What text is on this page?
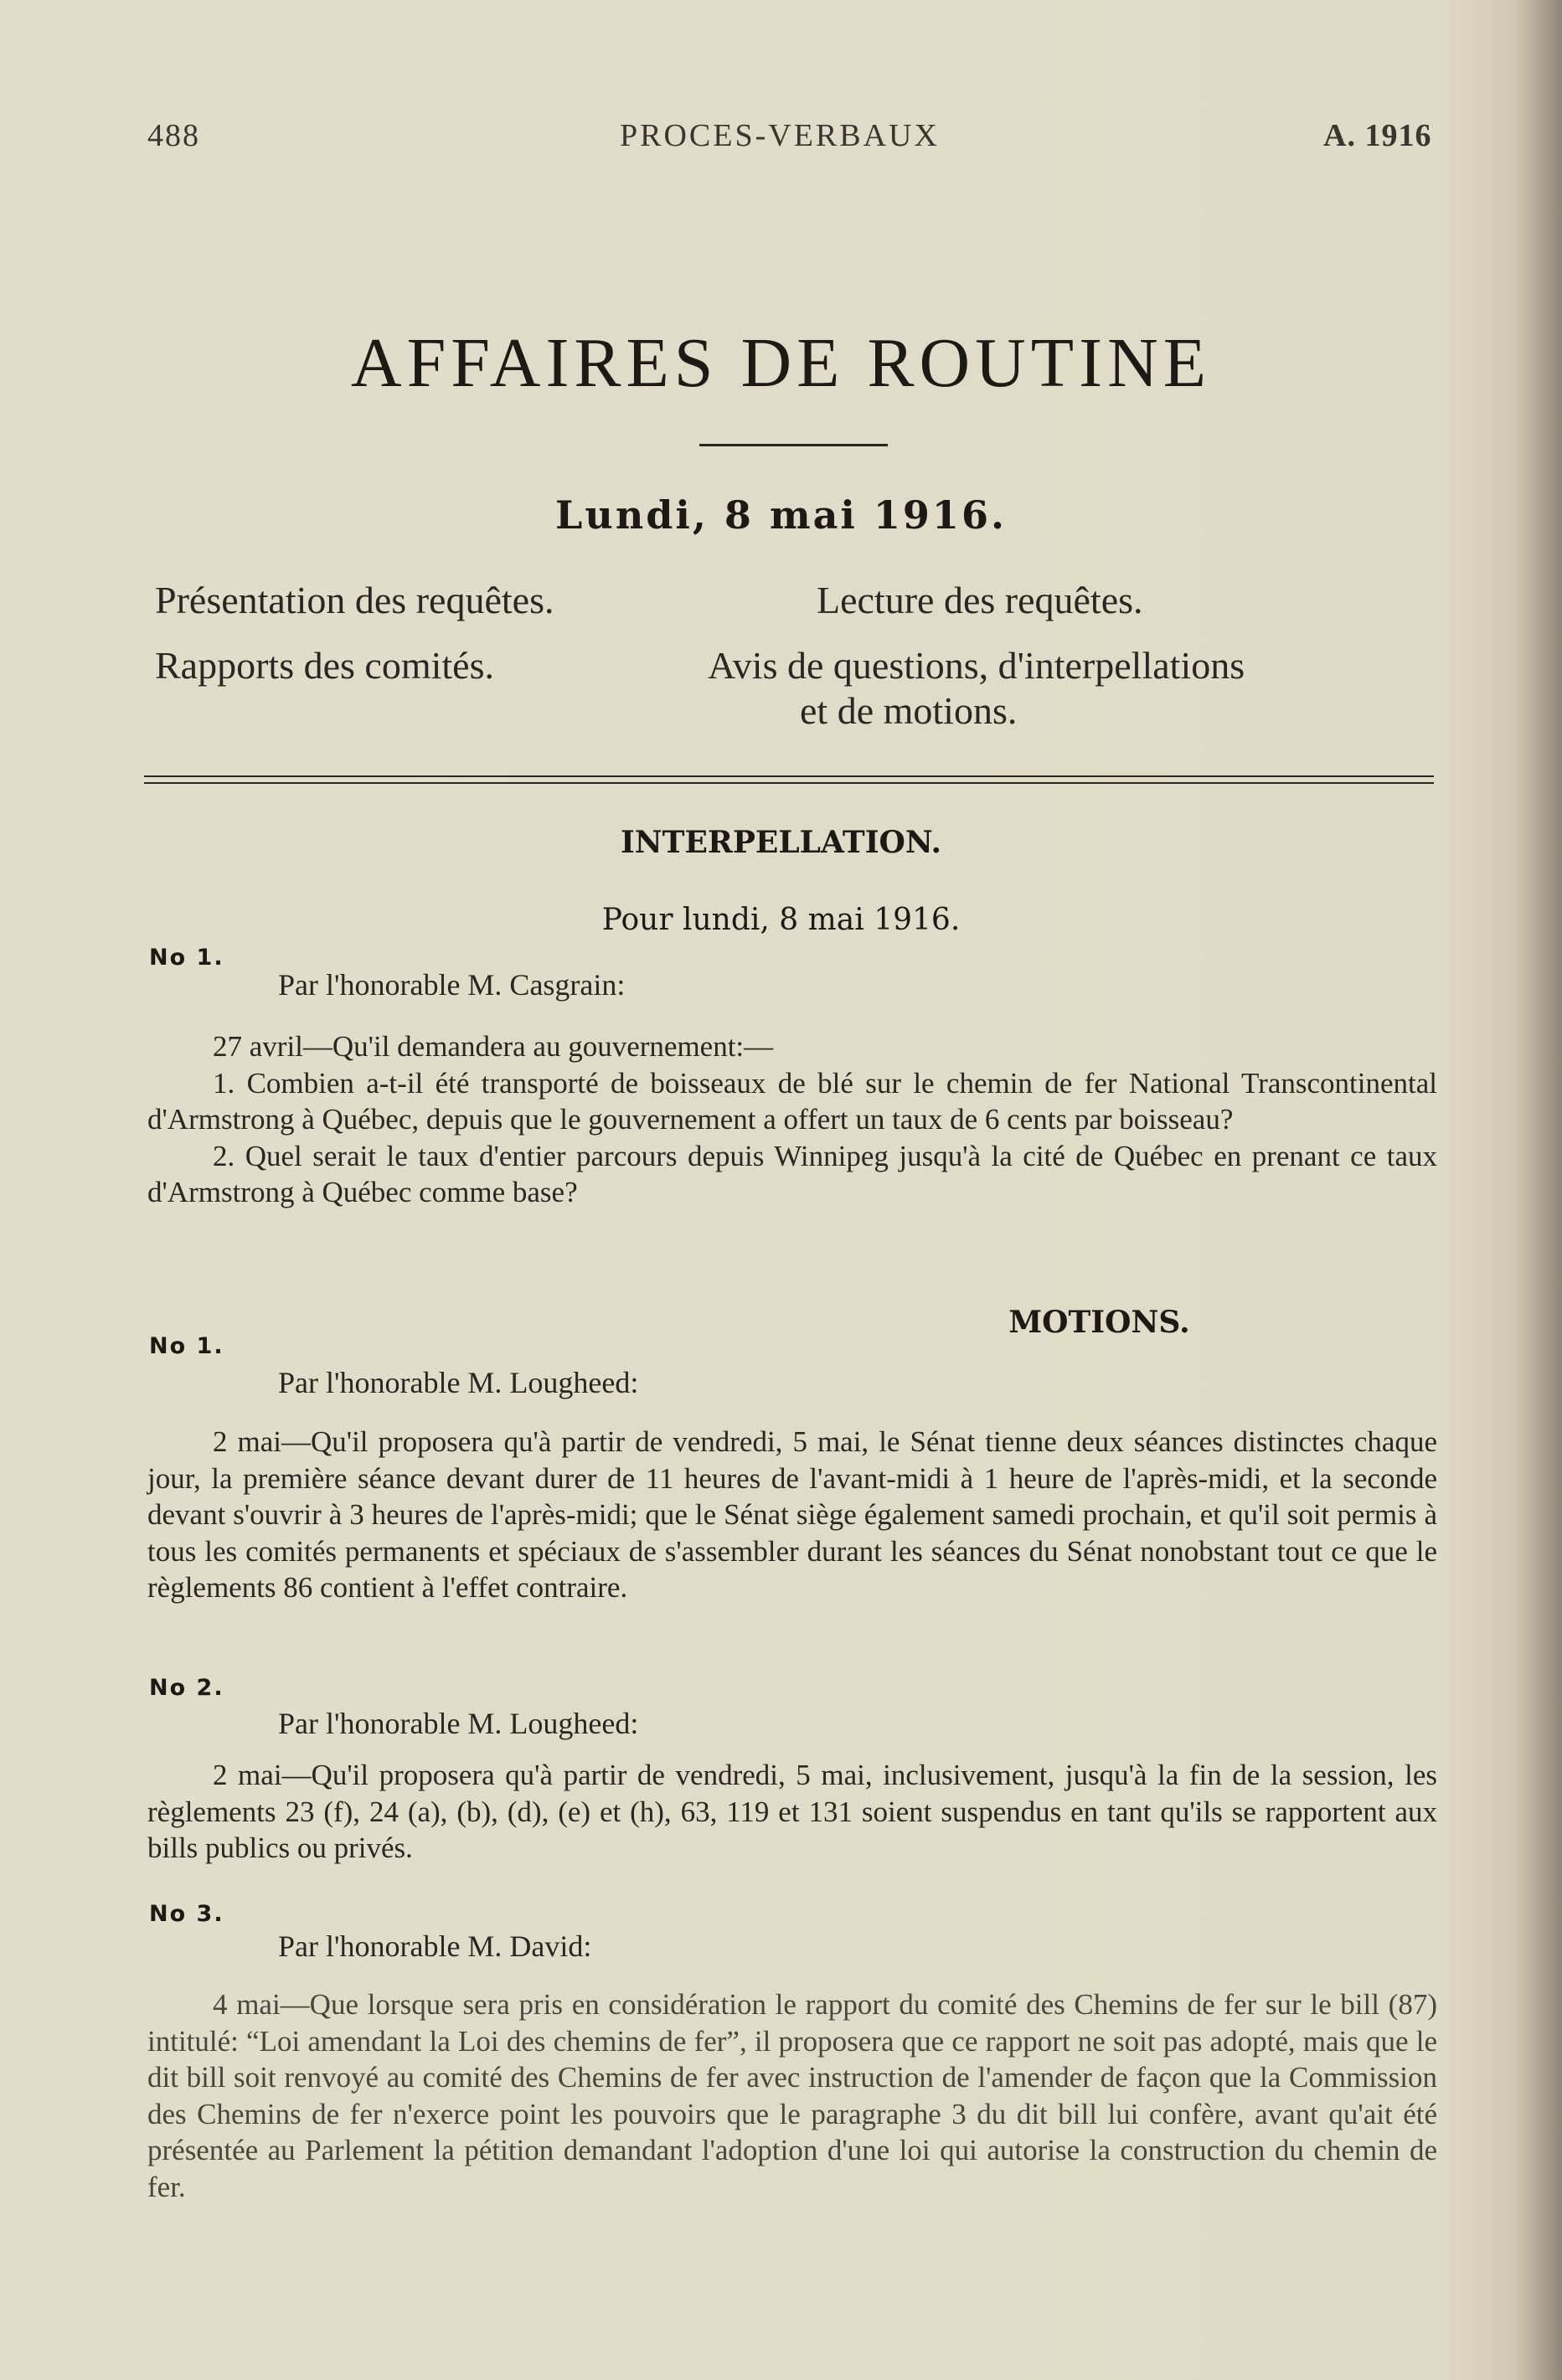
488	PROCES-VERBAUX	A. 1916
AFFAIRES DE ROUTINE
Lundi, 8 mai 1916.
Présentation des requêtes.	Lecture des requêtes.
Rapports des comités.	Avis de questions, d'interpellations
et de motions.
INTERPELLATION.
Pour lundi, 8 mai 1916.
No 1.
Par l'honorable M. Casgrain:

27 avril—Qu'il demandera au gouvernement:—

1. Combien a-t-il été transporté de boisseaux de blé sur le chemin de fer National Transcontinental d'Armstrong à Québec, depuis que le gouvernement a offert un taux de 6 cents par boisseau?

2. Quel serait le taux d'entier parcours depuis Winnipeg jusqu'à la cité de Québec en prenant ce taux d'Armstrong à Québec comme base?

MOTIONS.
No 1.
Par l'honorable M. Lougheed:
2 mai—Qu'il proposera qu'à partir de vendredi, 5 mai, le Sénat tienne deux séances distinctes chaque jour, la première séance devant durer de 11 heures de l'avant-midi à 1 heure de l'après-midi, et la seconde devant s'ouvrir à 3 heures de l'après-midi; que le Sénat siège également samedi prochain, et qu'il soit permis à tous les comités permanents et spéciaux de s'assembler durant les séances du Sénat nonobstant tout ce que le règlements 86 contient à l'effet contraire.
No 2.
Par l'honorable M. Lougheed:
2 mai—Qu'il proposera qu'à partir de vendredi, 5 mai, inclusivement, jusqu'à la fin de la session, les règlements 23 (f), 24 (a), (b), (d), (e) et (h), 63, 119 et 131 soient suspendus en tant qu'ils se rapportent aux bills publics ou privés.
No 3.
Par l'honorable M. David:
4 mai—Que lorsque sera pris en considération le rapport du comité des Chemins de fer sur le bill (87) intitulé: “Loi amendant la Loi des chemins de fer”, il proposera que ce rapport ne soit pas adopté, mais que le dit bill soit renvoyé au comité des Chemins de fer avec instruction de l'amender de façon que la Commission des Chemins de fer n'exerce point les pouvoirs que le paragraphe 3 du dit bill lui confère, avant qu'ait été présentée au Parlement la pétition demandant l'adoption d'une loi qui autorise la construction du chemin de fer.
